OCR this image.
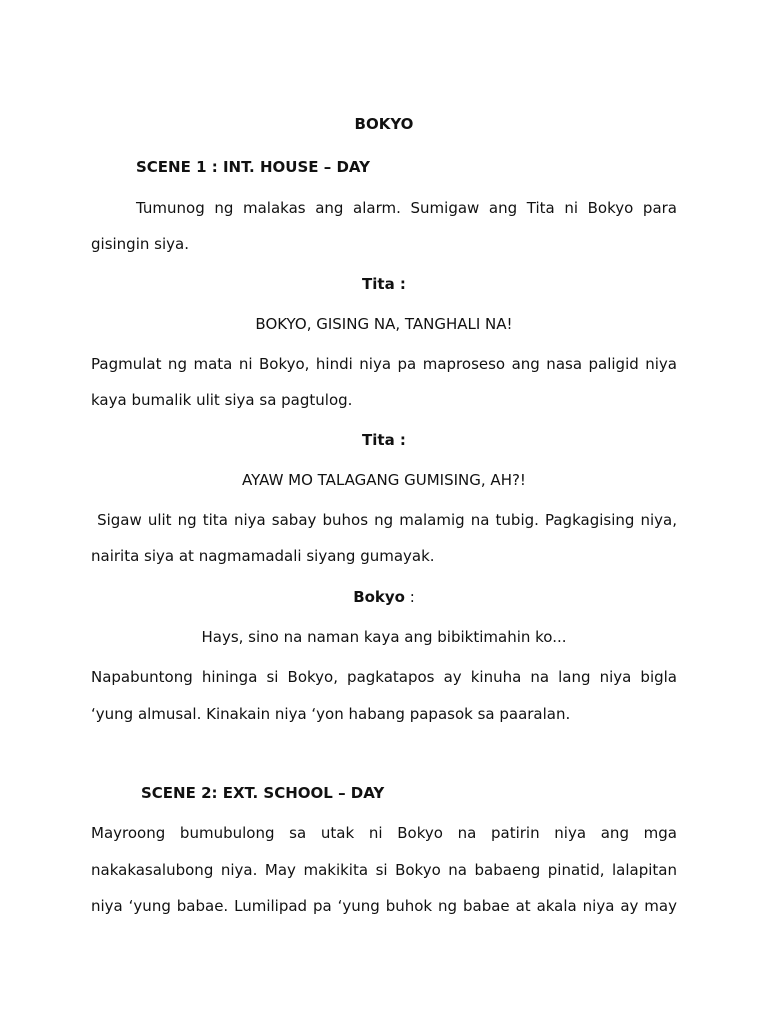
BOKYO
SCENE 1 : INT. HOUSE – DAY
Tumunog ng malakas ang alarm. Sumigaw ang Tita ni Bokyo para
gisingin siya.
Tita :
BOKYO, GISING NA, TANGHALI NA!
Pagmulat ng mata ni Bokyo, hindi niya pa maproseso ang nasa paligid niya
kaya bumalik ulit siya sa pagtulog.
Tita :
AYAW MO TALAGANG GUMISING, AH?!
Sigaw ulit ng tita niya sabay buhos ng malamig na tubig. Pagkagising niya,
nairita siya at nagmamadali siyang gumayak.
Bokyo :
Hays, sino na naman kaya ang bibiktimahin ko...
Napabuntong hininga si Bokyo, pagkatapos ay kinuha na lang niya bigla
‘yung almusal. Kinakain niya ‘yon habang papasok sa paaralan.
SCENE 2: EXT. SCHOOL – DAY
Mayroong bumubulong sa utak ni Bokyo na patirin niya ang mga
nakakasalubong niya. May makikita si Bokyo na babaeng pinatid, lalapitan
niya ‘yung babae. Lumilipad pa ‘yung buhok ng babae at akala niya ay may
